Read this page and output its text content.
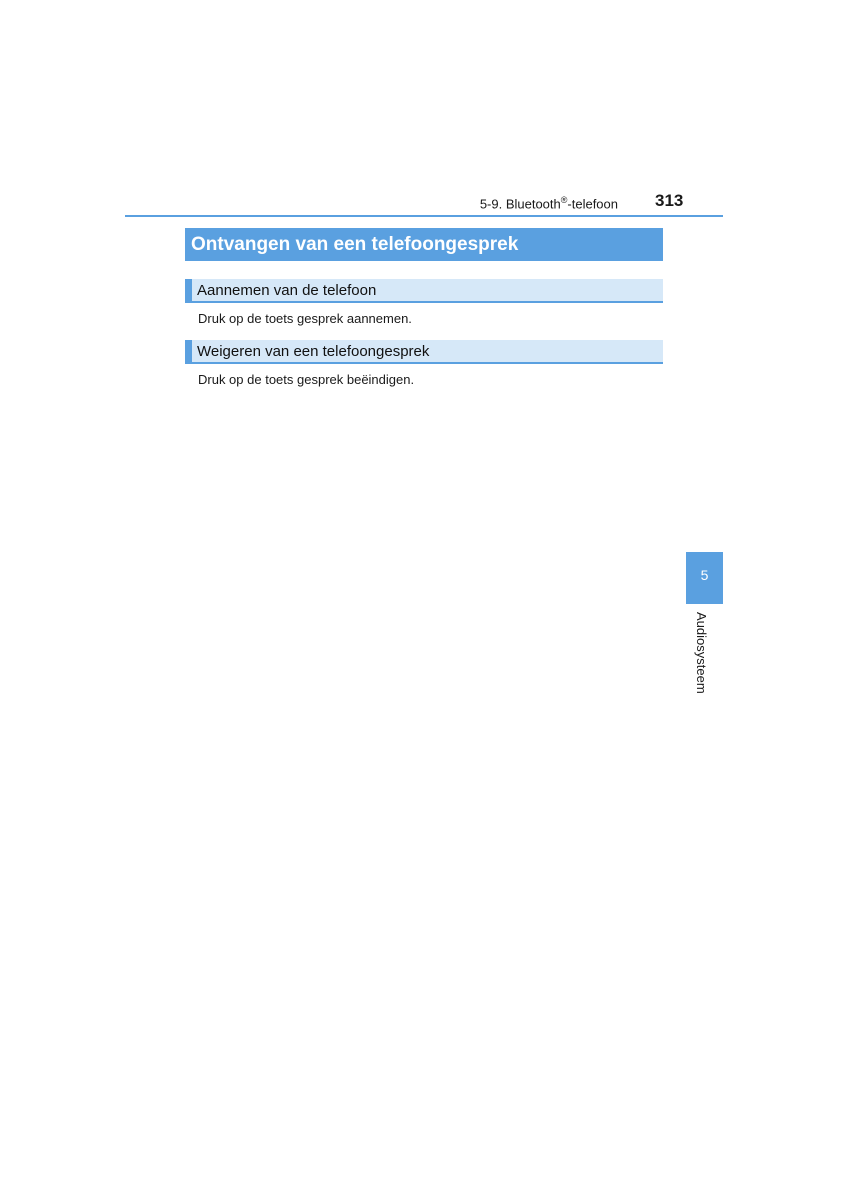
5-9. Bluetooth®-telefoon 313
Ontvangen van een telefoongesprek
Aannemen van de telefoon
Druk op de toets gesprek aannemen.
Weigeren van een telefoongesprek
Druk op de toets gesprek beëindigen.
5
Audiosysteem
